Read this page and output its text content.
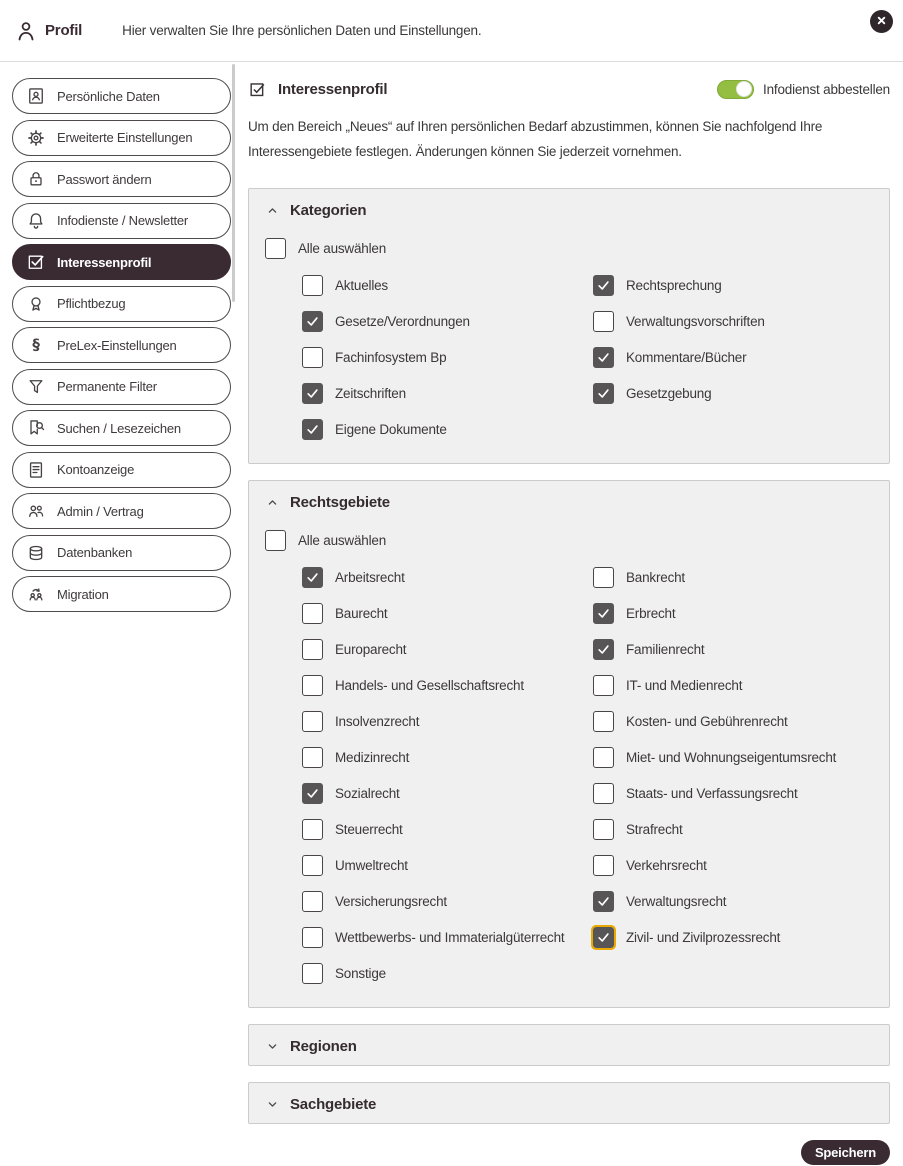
Profil	Hier verwalten Sie Ihre persönlichen Daten und Einstellungen.
Persönliche Daten
Erweiterte Einstellungen
Passwort ändern
Infodienste / Newsletter
Interessenprofil
Pflichtbezug
§ PreLex-Einstellungen
Permanente Filter
Suchen / Lesezeichen
Kontoanzeige
Admin / Vertrag
Datenbanken
Migration
Interessenprofil	Infodienst abbestellen

Um den Bereich „Neues“ auf Ihren persönlichen Bedarf abzustimmen, können Sie nachfolgend Ihre Interessengebiete festlegen. Änderungen können Sie jederzeit vornehmen.

Kategorien
Alle auswählen
Aktuelles
Gesetze/Verordnungen
Fachinfosystem Bp
Zeitschriften
Eigene Dokumente
Rechtsprechung
Verwaltungsvorschriften
Kommentare/Bücher
Gesetzgebung
Rechtsgebiete
Alle auswählen
Arbeitsrecht
Baurecht
Europarecht
Handels- und Gesellschaftsrecht
Insolvenzrecht
Medizinrecht
Sozialrecht
Steuerrecht
Umweltrecht
Versicherungsrecht
Wettbewerbs- und Immaterialgüterrecht
Sonstige
Bankrecht
Erbrecht
Familienrecht
IT- und Medienrecht
Kosten- und Gebührenrecht
Miet- und Wohnungseigentumsrecht
Staats- und Verfassungsrecht
Strafrecht
Verkehrsrecht
Verwaltungsrecht
Zivil- und Zivilprozessrecht
Regionen
Sachgebiete
Speichern
